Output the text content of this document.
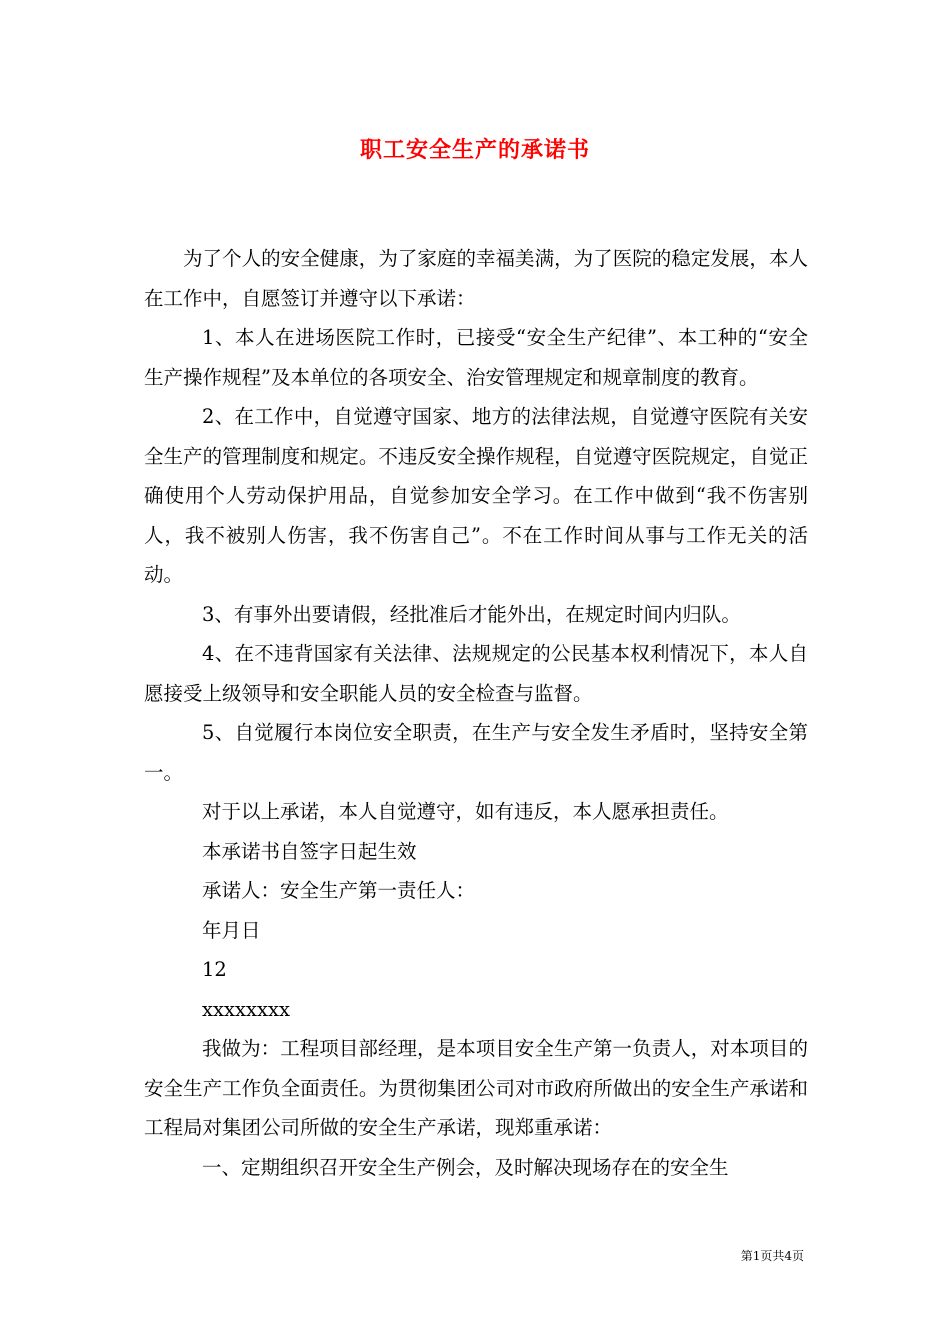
职工安全生产的承诺书

为了个人的安全健康，为了家庭的幸福美满，为了医院的稳定发展，本人在工作中，自愿签订并遵守以下承诺：

1、本人在进场医院工作时，已接受“安全生产纪律”、本工种的“安全生产操作规程”及本单位的各项安全、治安管理规定和规章制度的教育。

2、在工作中，自觉遵守国家、地方的法律法规，自觉遵守医院有关安全生产的管理制度和规定。不违反安全操作规程，自觉遵守医院规定，自觉正确使用个人劳动保护用品，自觉参加安全学习。在工作中做到“我不伤害别人，我不被别人伤害，我不伤害自己”。不在工作时间从事与工作无关的活动。

3、有事外出要请假，经批准后才能外出，在规定时间内归队。

4、在不违背国家有关法律、法规规定的公民基本权利情况下，本人自愿接受上级领导和安全职能人员的安全检查与监督。

5、自觉履行本岗位安全职责，在生产与安全发生矛盾时，坚持安全第一。

对于以上承诺，本人自觉遵守，如有违反，本人愿承担责任。

本承诺书自签字日起生效

承诺人：安全生产第一责任人：

年月日

12

xxxxxxxx

我做为：工程项目部经理，是本项目安全生产第一负责人，对本项目的安全生产工作负全面责任。为贯彻集团公司对市政府所做出的安全生产承诺和工程局对集团公司所做的安全生产承诺，现郑重承诺：

一、定期组织召开安全生产例会，及时解决现场存在的安全生

第1页共4页
